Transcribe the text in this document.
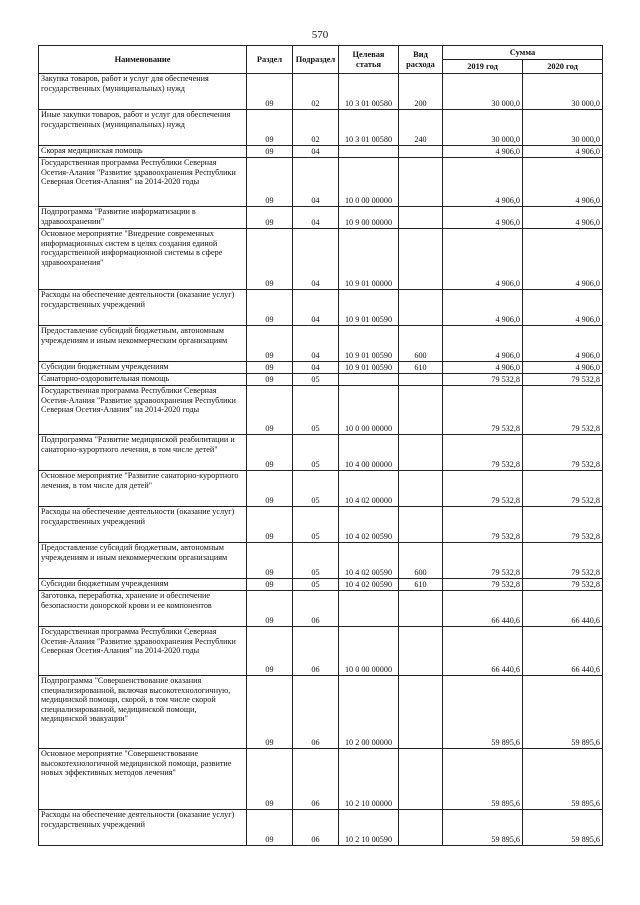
570
Наименование	Раздел	Подраздел	Целевая статья	Вид расхода	Сумма	
					2019 год	2020 год
Закупка товаров, работ и услуг для обеспечения государственных (муниципальных) нужд	09	02	10 3 01 00580	200	30 000,0	30 000,0
Иные закупки товаров, работ и услуг для обеспечения государственных (муниципальных) нужд	09	02	10 3 01 00580	240	30 000,0	30 000,0
Скорая медицинская помощь	09	04			4 906,0	4 906,0
Государственная программа Республики Северная Осетия-Алания "Развитие здравоохранения Республики Северная Осетия-Алания" на 2014-2020 годы	09	04	10 0 00 00000		4 906,0	4 906,0
Подпрограмма "Развитие информатизации в здравоохранении"	09	04	10 9 00 00000		4 906,0	4 906,0
Основное мероприятие "Внедрение современных информационных систем в целях создания единой государственной информационной системы в сфере здравоохранения"	09	04	10 9 01 00000		4 906,0	4 906,0
Расходы на обеспечение деятельности (оказание услуг) государственных учреждений	09	04	10 9 01 00590		4 906,0	4 906,0
Предоставление субсидий бюджетным, автономным учреждениям и иным некоммерческим организациям	09	04	10 9 01 00590	600	4 906,0	4 906,0
Субсидии бюджетным учреждениям	09	04	10 9 01 00590	610	4 906,0	4 906,0
Санаторно-оздоровительная помощь	09	05			79 532,8	79 532,8
Государственная программа Республики Северная Осетия-Алания "Развитие здравоохранения Республики Северная Осетия-Алания" на 2014-2020 годы	09	05	10 0 00 00000		79 532,8	79 532,8
Подпрограмма "Развитие медицинской реабилитации и санаторно-курортного лечения, в том числе детей"	09	05	10 4 00 00000		79 532,8	79 532,8
Основное мероприятие "Развитие санаторно-курортного лечения, в том числе для детей"	09	05	10 4 02 00000		79 532,8	79 532,8
Расходы на обеспечение деятельности (оказание услуг) государственных учреждений	09	05	10 4 02 00590		79 532,8	79 532,8
Предоставление субсидий бюджетным, автономным учреждениям и иным некоммерческим организациям	09	05	10 4 02 00590	600	79 532,8	79 532,8
Субсидии бюджетным учреждениям	09	05	10 4 02 00590	610	79 532,8	79 532,8
Заготовка, переработка, хранение и обеспечение безопасности донорской крови и ее компонентов	09	06			66 440,6	66 440,6
Государственная программа Республики Северная Осетия-Алания "Развитие здравоохранения Республики Северная Осетия-Алания" на 2014-2020 годы	09	06	10 0 00 00000		66 440,6	66 440,6
Подпрограмма "Совершенствование оказания специализированной, включая высокотехнологичную, медицинской помощи, скорой, в том числе скорой специализированной, медицинской помощи, медицинской эвакуации"	09	06	10 2 00 00000		59 895,6	59 895,6
Основное мероприятие "Совершенствование высокотехнологичной медицинской помощи, развитие новых эффективных методов лечения"	09	06	10 2 10 00000		59 895,6	59 895,6
Расходы на обеспечение деятельности (оказание услуг) государственных учреждений	09	06	10 2 10 00590		59 895,6	59 895,6
